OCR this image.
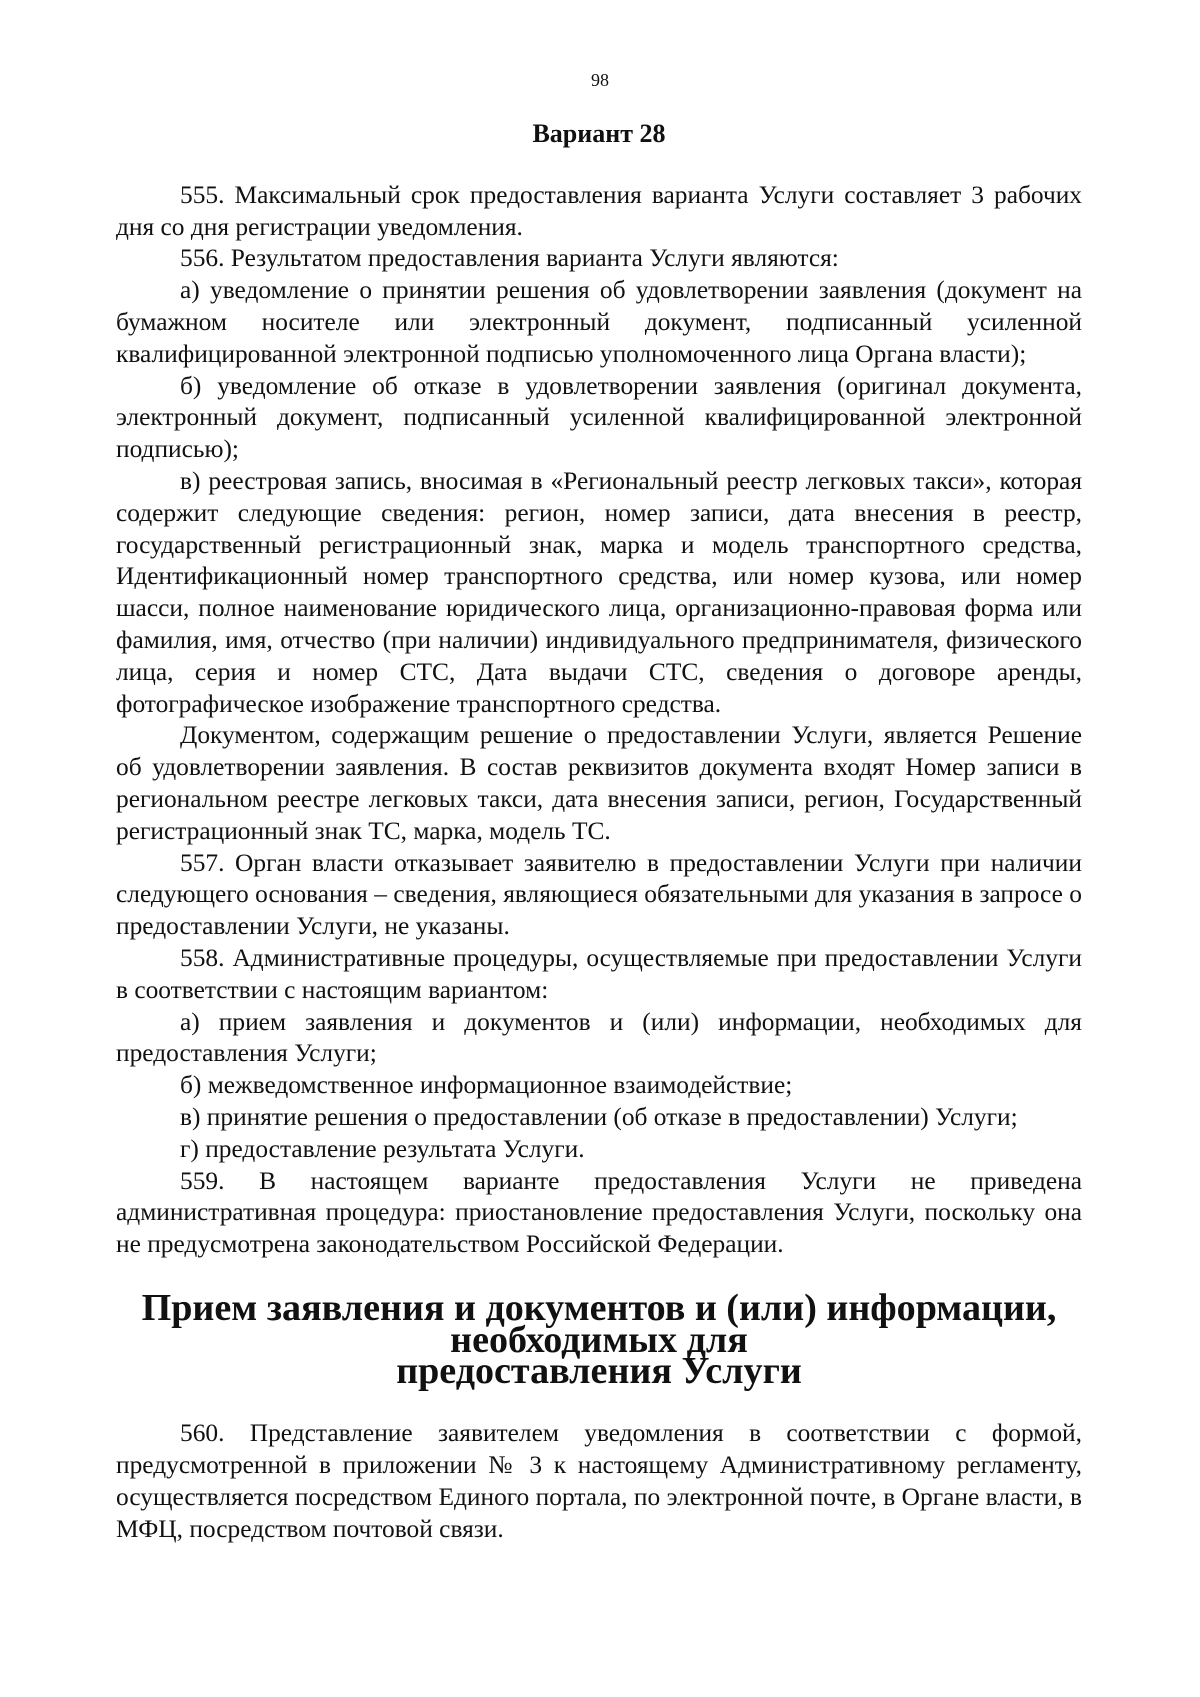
98
Вариант 28

555. Максимальный срок предоставления варианта Услуги составляет 3 рабочих дня со дня регистрации уведомления.

556. Результатом предоставления варианта Услуги являются:

а) уведомление о принятии решения об удовлетворении заявления (документ на бумажном носителе или электронный документ, подписанный усиленной квалифицированной электронной подписью уполномоченного лица Органа власти);

б) уведомление об отказе в удовлетворении заявления (оригинал документа, электронный документ, подписанный усиленной квалифицированной электронной подписью);

в) реестровая запись, вносимая в «Региональный реестр легковых такси», которая содержит следующие сведения: регион, номер записи, дата внесения в реестр, государственный регистрационный знак, марка и модель транспортного средства, Идентификационный номер транспортного средства, или номер кузова, или номер шасси, полное наименование юридического лица, организационно-правовая форма или фамилия, имя, отчество (при наличии) индивидуального предпринимателя, физического лица, серия и номер СТС, Дата выдачи СТС, сведения о договоре аренды, фотографическое изображение транспортного средства.

Документом, содержащим решение о предоставлении Услуги, является Решение об удовлетворении заявления. В состав реквизитов документа входят Номер записи в региональном реестре легковых такси, дата внесения записи, регион, Государственный регистрационный знак ТС, марка, модель ТС.

557. Орган власти отказывает заявителю в предоставлении Услуги при наличии следующего основания – сведения, являющиеся обязательными для указания в запросе о предоставлении Услуги, не указаны.

558. Административные процедуры, осуществляемые при предоставлении Услуги в соответствии с настоящим вариантом:

а) прием заявления и документов и (или) информации, необходимых для предоставления Услуги;

б) межведомственное информационное взаимодействие;

в) принятие решения о предоставлении (об отказе в предоставлении) Услуги;

г) предоставление результата Услуги.

559. В настоящем варианте предоставления Услуги не приведена административная процедура: приостановление предоставления Услуги, поскольку она не предусмотрена законодательством Российской Федерации.

Прием заявления и документов и (или) информации, необходимых для
предоставления Услуги

560. Представление заявителем уведомления в соответствии с формой, предусмотренной в приложении № 3 к настоящему Административному регламенту, осуществляется посредством Единого портала, по электронной почте, в Органе власти, в МФЦ, посредством почтовой связи.
